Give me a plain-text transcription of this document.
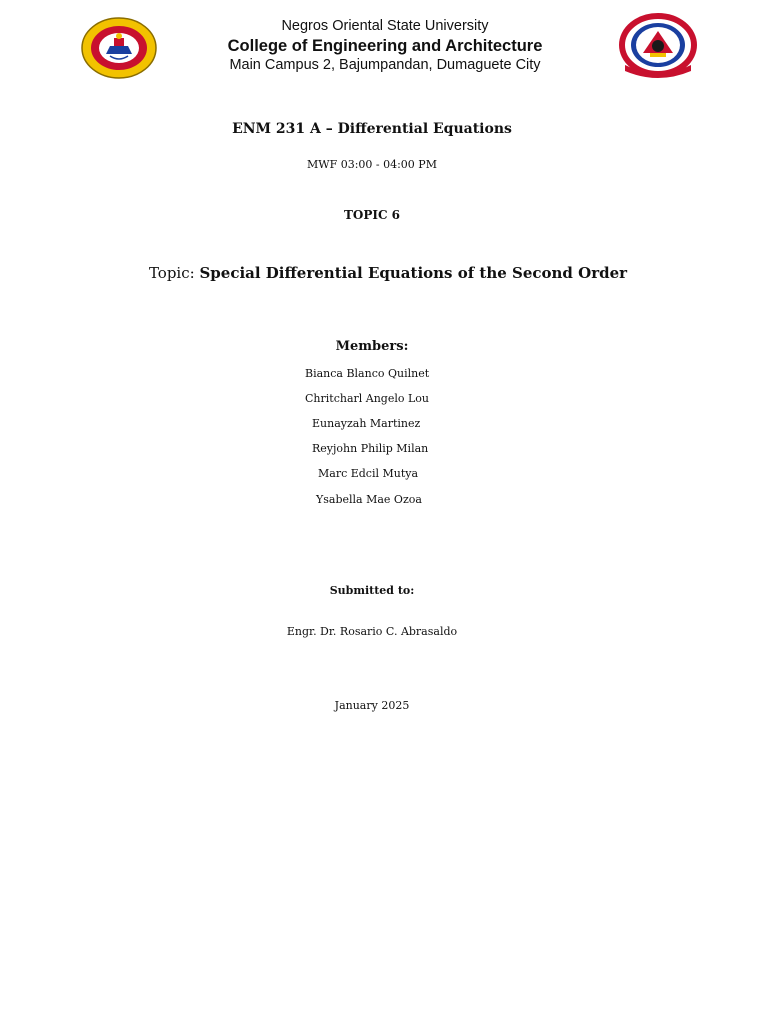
Negros Oriental State University
College of Engineering and Architecture
Main Campus 2, Bajumpandan, Dumaguete City
ENM 231 A – Differential Equations
MWF 03:00 - 04:00 PM
TOPIC 6
Topic: Special Differential Equations of the Second Order
Members:
Bianca Blanco Quilnet
Chritcharl Angelo Lou
Eunayzah Martinez
Reyjohn Philip Milan
Marc Edcil Mutya
Ysabella Mae Ozoa
Submitted to:
Engr. Dr. Rosario C. Abrasaldo
January 2025
